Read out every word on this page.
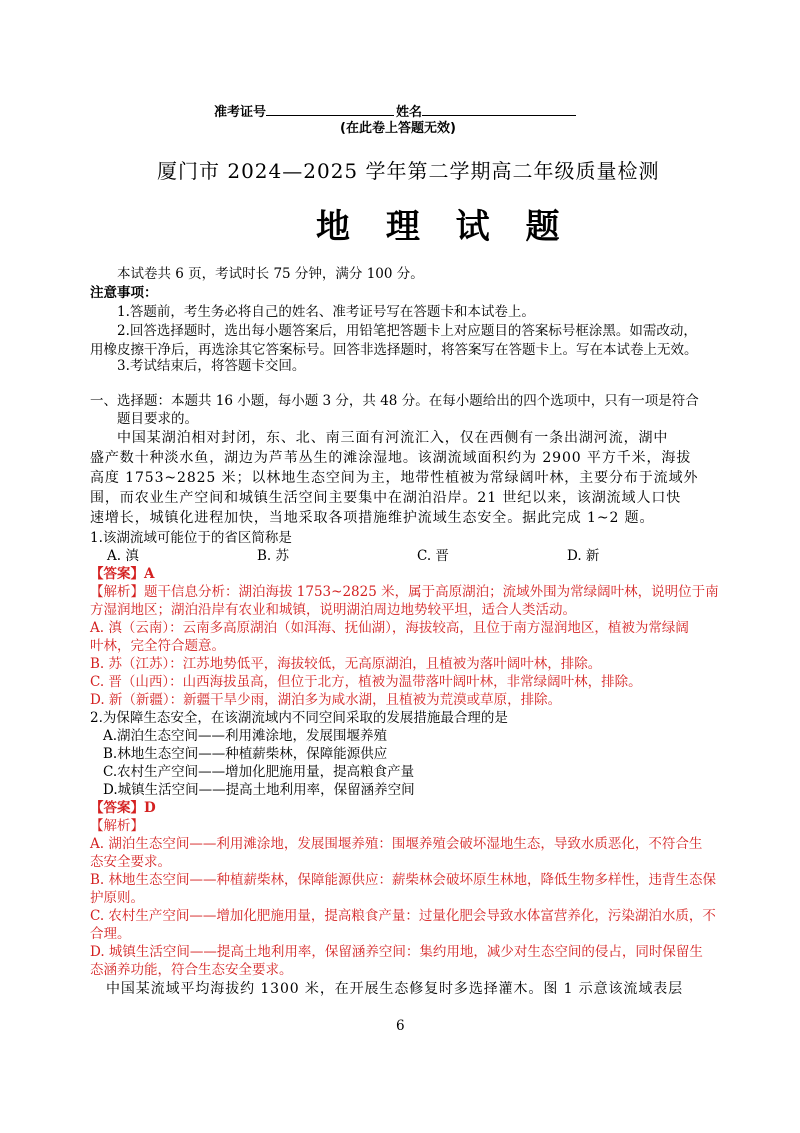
准考证号	姓名
(在此卷上答题无效)
厦门市 2024—2025 学年第二学期高二年级质量检测
地 理 试 题
本试卷共 6 页，考试时长 75 分钟，满分 100 分。
注意事项：
1.答题前，考生务必将自己的姓名、准考证号写在答题卡和本试卷上。
2.回答选择题时，选出每小题答案后，用铅笔把答题卡上对应题目的答案标号框涂黑。如需改动，
用橡皮擦干净后，再选涂其它答案标号。回答非选择题时，将答案写在答题卡上。写在本试卷上无效。
3.考试结束后，将答题卡交回。
一、选择题：本题共 16 小题，每小题 3 分，共 48 分。在每小题给出的四个选项中，只有一项是符合
题目要求的。
中国某湖泊相对封闭，东、北、南三面有河流汇入，仅在西侧有一条出湖河流，湖中
盛产数十种淡水鱼，湖边为芦苇丛生的滩涂湿地。该湖流域面积约为 2900 平方千米，海拔
高度 1753~2825 米；以林地生态空间为主，地带性植被为常绿阔叶林，主要分布于流域外
围，而农业生产空间和城镇生活空间主要集中在湖泊沿岸。21 世纪以来，该湖流域人口快
速增长，城镇化进程加快，当地采取各项措施维护流域生态安全。据此完成 1~2 题。
1.该湖流域可能位于的省区简称是
A. 滇	B. 苏	C. 晋	D. 新
【答案】A
【解析】题干信息分析：湖泊海拔 1753~2825 米，属于高原湖泊；流域外围为常绿阔叶林，说明位于南
方湿润地区；湖泊沿岸有农业和城镇，说明湖泊周边地势较平坦，适合人类活动。
A. 滇（云南）：云南多高原湖泊（如洱海、抚仙湖），海拔较高，且位于南方湿润地区，植被为常绿阔
叶林，完全符合题意。
B. 苏（江苏）：江苏地势低平，海拔较低，无高原湖泊，且植被为落叶阔叶林，排除。
C. 晋（山西）：山西海拔虽高，但位于北方，植被为温带落叶阔叶林，非常绿阔叶林，排除。
D. 新（新疆）：新疆干旱少雨，湖泊多为咸水湖，且植被为荒漠或草原，排除。
2.为保障生态安全，在该湖流域内不同空间采取的发展措施最合理的是
A.湖泊生态空间——利用滩涂地，发展围堰养殖
B.林地生态空间——种植薪柴林，保障能源供应
C.农村生产空间——增加化肥施用量，提高粮食产量
D.城镇生活空间——提高土地利用率，保留涵养空间
【答案】D
【解析】
A. 湖泊生态空间——利用滩涂地，发展围堰养殖：围堰养殖会破坏湿地生态，导致水质恶化，不符合生
态安全要求。
B. 林地生态空间——种植薪柴林，保障能源供应：薪柴林会破坏原生林地，降低生物多样性，违背生态保
护原则。
C. 农村生产空间——增加化肥施用量，提高粮食产量：过量化肥会导致水体富营养化，污染湖泊水质，不
合理。
D. 城镇生活空间——提高土地利用率，保留涵养空间：集约用地，减少对生态空间的侵占，同时保留生
态涵养功能，符合生态安全要求。
中国某流域平均海拔约 1300 米，在开展生态修复时多选择灌木。图 1 示意该流域表层
6
